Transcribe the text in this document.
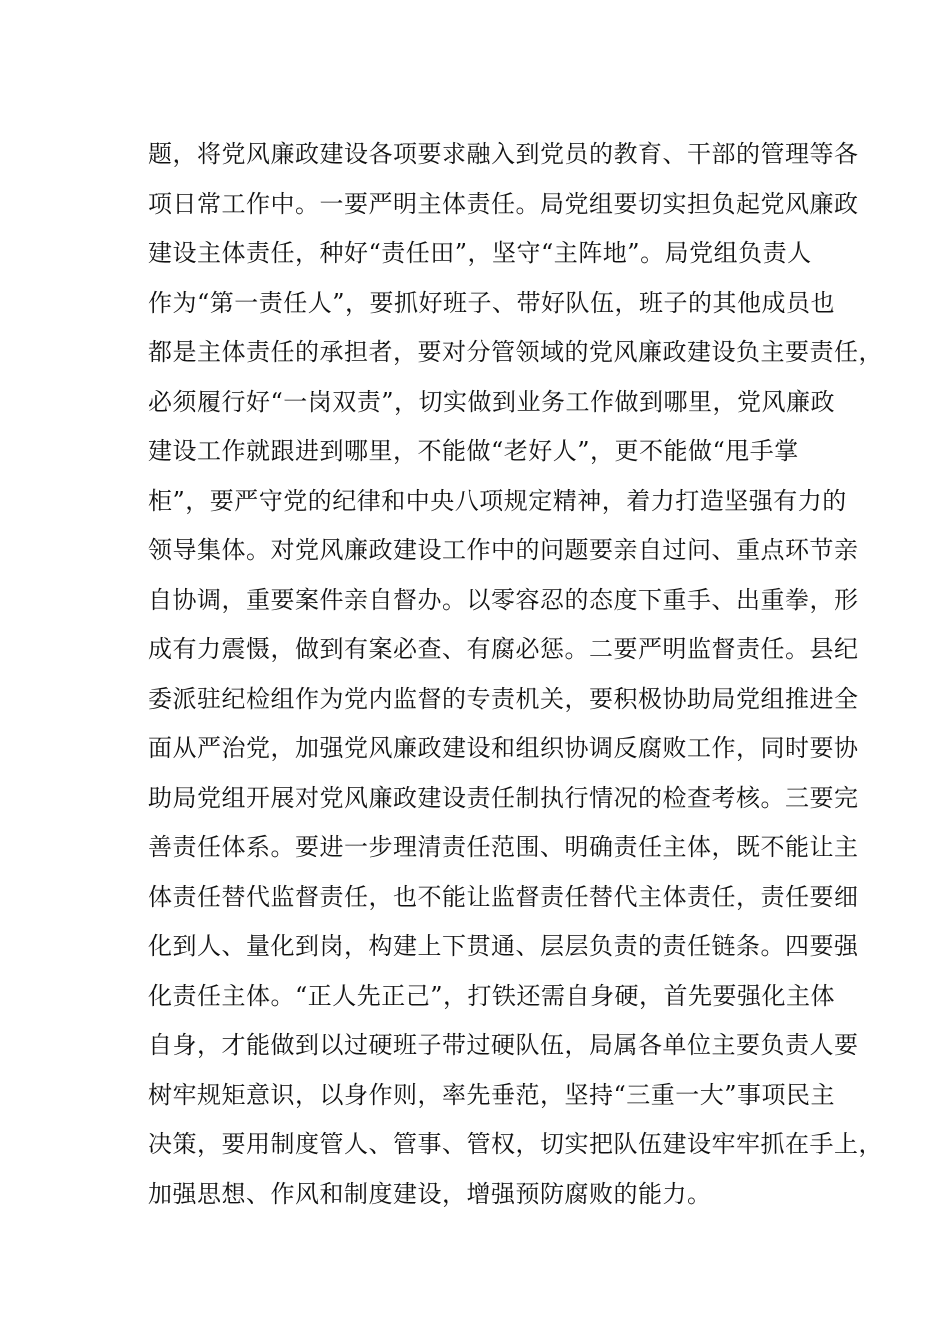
题，将党风廉政建设各项要求融入到党员的教育、干部的管理等各
项日常工作中。一要严明主体责任。局党组要切实担负起党风廉政
建设主体责任，种好“责任田”，坚守“主阵地”。局党组负责人
作为“第一责任人”，要抓好班子、带好队伍，班子的其他成员也
都是主体责任的承担者，要对分管领域的党风廉政建设负主要责任，
必须履行好“一岗双责”，切实做到业务工作做到哪里，党风廉政
建设工作就跟进到哪里，不能做“老好人”，更不能做“甩手掌
柜”，要严守党的纪律和中央八项规定精神，着力打造坚强有力的
领导集体。对党风廉政建设工作中的问题要亲自过问、重点环节亲
自协调，重要案件亲自督办。以零容忍的态度下重手、出重拳，形
成有力震慑，做到有案必查、有腐必惩。二要严明监督责任。县纪
委派驻纪检组作为党内监督的专责机关，要积极协助局党组推进全
面从严治党，加强党风廉政建设和组织协调反腐败工作，同时要协
助局党组开展对党风廉政建设责任制执行情况的检查考核。三要完
善责任体系。要进一步理清责任范围、明确责任主体，既不能让主
体责任替代监督责任，也不能让监督责任替代主体责任，责任要细
化到人、量化到岗，构建上下贯通、层层负责的责任链条。四要强
化责任主体。“正人先正己”，打铁还需自身硬，首先要强化主体
自身，才能做到以过硬班子带过硬队伍，局属各单位主要负责人要
树牢规矩意识，以身作则，率先垂范，坚持“三重一大”事项民主
决策，要用制度管人、管事、管权，切实把队伍建设牢牢抓在手上，
加强思想、作风和制度建设，增强预防腐败的能力。
